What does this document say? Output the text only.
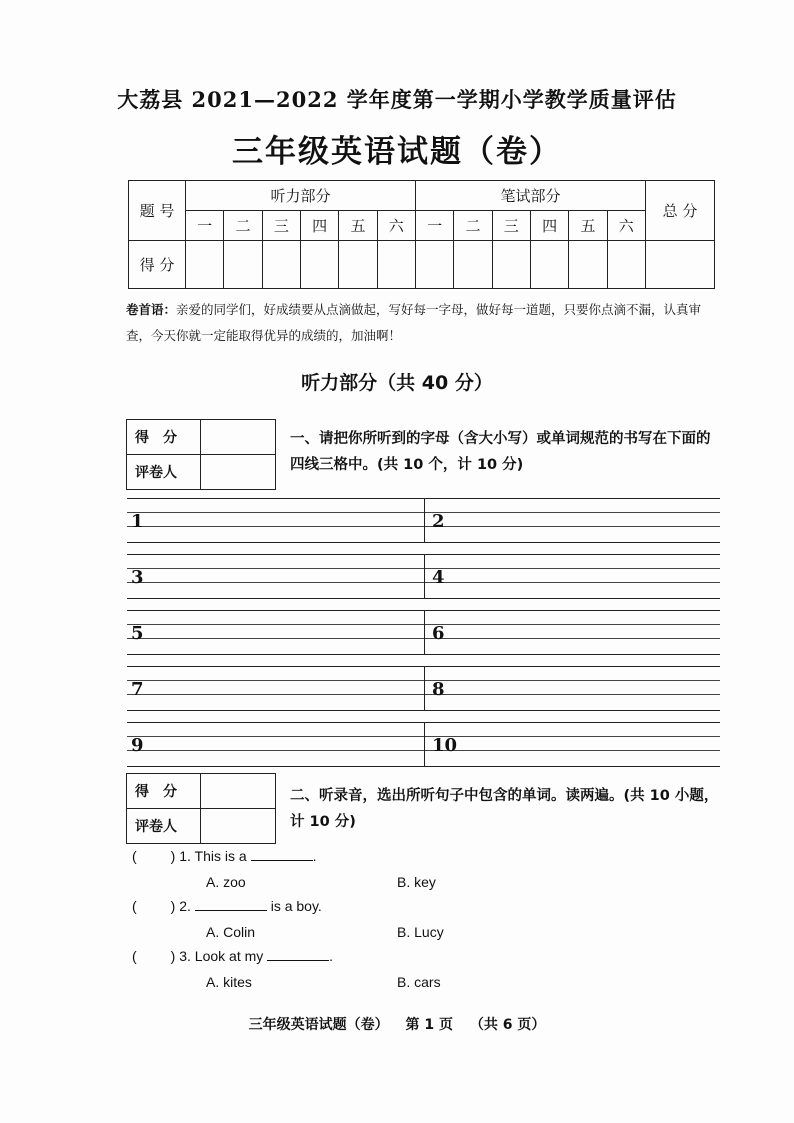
大荔县 2021—2022 学年度第一学期小学教学质量评估
三年级英语试题（卷）
题 号	听力部分						笔试部分						总 分
	一	二	三	四	五	六	一	二	三	四	五	六	
得 分													
卷首语：亲爱的同学们，好成绩要从点滴做起，写好每一字母，做好每一道题，只要你点滴不漏，认真审查，今天你就一定能取得优异的成绩的，加油啊！
听力部分（共 40 分）
得　分	
评卷人	
一、请把你所听到的字母（含大小写）或单词规范的书写在下面的四线三格中。(共 10 个，计 10 分)
1	2
3	4
5	6
7	8
9	10
得　分	
评卷人	
二、听录音，选出所听句子中包含的单词。读两遍。(共 10 小题，计 10 分)
( ) 1. This is a	.
A. zoo	B. key
( ) 2.	is a boy.
A. Colin	B. Lucy
( ) 3. Look at my	.
A. kites	B. cars
三年级英语试题（卷） 第 1 页 （共 6 页）
